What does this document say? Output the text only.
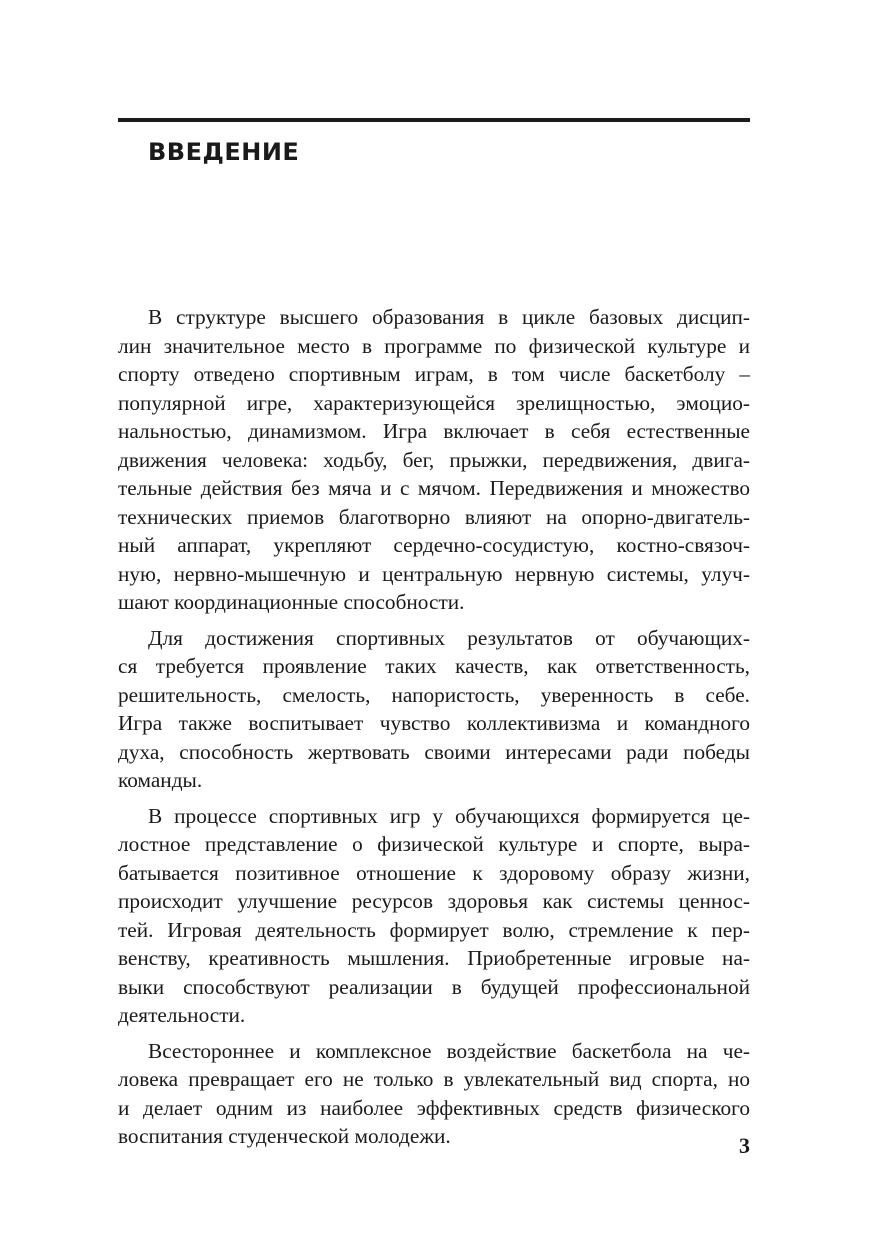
ВВЕДЕНИЕ

В структуре высшего образования в цикле базовых дисцип-
лин значительное место в программе по физической культуре и
спорту отведено спортивным играм, в том числе баскетболу –
популярной игре, характеризующейся зрелищностью, эмоцио-
нальностью, динамизмом. Игра включает в себя естественные
движения человека: ходьбу, бег, прыжки, передвижения, двига-
тельные действия без мяча и с мячом. Передвижения и множество
технических приемов благотворно влияют на опорно-двигатель-
ный аппарат, укрепляют сердечно-сосудистую, костно-связоч-
ную, нервно-мышечную и центральную нервную системы, улуч-
шают координационные способности.

Для достижения спортивных результатов от обучающих-
ся требуется проявление таких качеств, как ответственность,
решительность, смелость, напористость, уверенность в себе.
Игра также воспитывает чувство коллективизма и командного
духа, способность жертвовать своими интересами ради победы
команды.

В процессе спортивных игр у обучающихся формируется це-
лостное представление о физической культуре и спорте, выра-
батывается позитивное отношение к здоровому образу жизни,
происходит улучшение ресурсов здоровья как системы ценнос-
тей. Игровая деятельность формирует волю, стремление к пер-
венству, креативность мышления. Приобретенные игровые на-
выки способствуют реализации в будущей профессиональной
деятельности.

Всестороннее и комплексное воздействие баскетбола на че-
ловека превращает его не только в увлекательный вид спорта, но
и делает одним из наиболее эффективных средств физического
воспитания студенческой молодежи.	3
